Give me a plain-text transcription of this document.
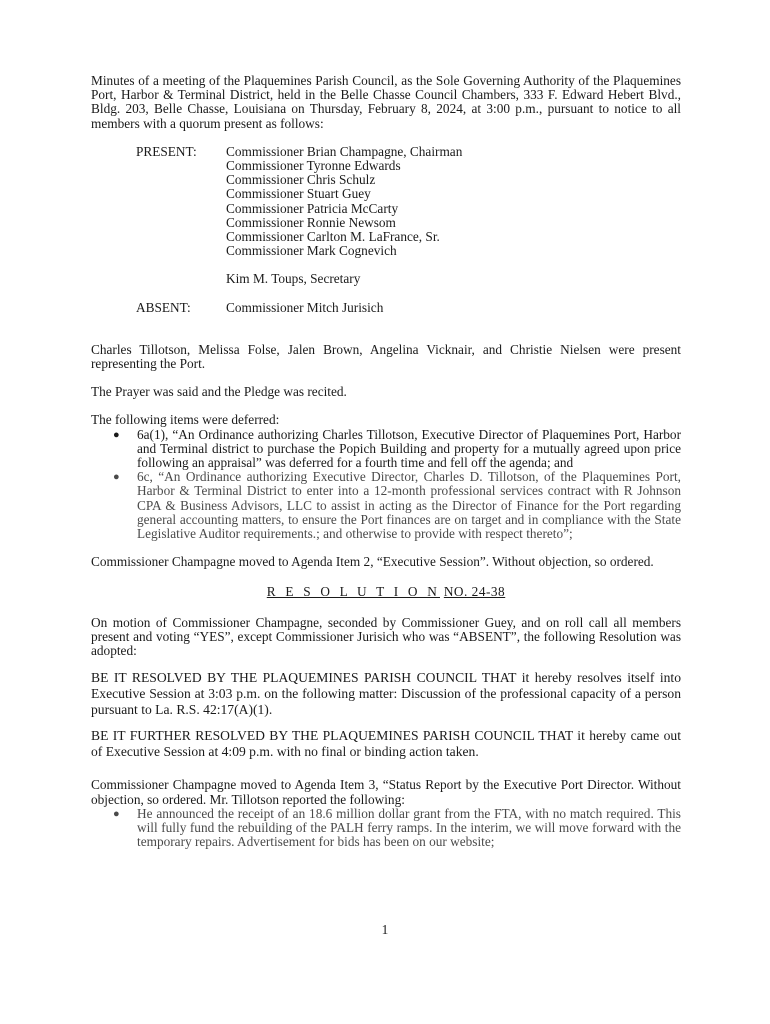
Minutes of a meeting of the Plaquemines Parish Council, as the Sole Governing Authority of the Plaquemines Port, Harbor & Terminal District, held in the Belle Chasse Council Chambers, 333 F. Edward Hebert Blvd., Bldg. 203, Belle Chasse, Louisiana on Thursday, February 8, 2024, at 3:00 p.m., pursuant to notice to all members with a quorum present as follows:

PRESENT:	Commissioner Brian Champagne, Chairman
Commissioner Tyronne Edwards
Commissioner Chris Schulz
Commissioner Stuart Guey
Commissioner Patricia McCarty
Commissioner Ronnie Newsom
Commissioner Carlton M. LaFrance, Sr.
Commissioner Mark Cognevich
Kim M. Toups, Secretary
ABSENT:	Commissioner Mitch Jurisich

Charles Tillotson, Melissa Folse, Jalen Brown, Angelina Vicknair, and Christie Nielsen were present representing the Port.

The Prayer was said and the Pledge was recited.

The following items were deferred:

● 6a(1), “An Ordinance authorizing Charles Tillotson, Executive Director of Plaquemines Port, Harbor and Terminal district to purchase the Popich Building and property for a mutually agreed upon price following an appraisal” was deferred for a fourth time and fell off the agenda; and
● 6c, “An Ordinance authorizing Executive Director, Charles D. Tillotson, of the Plaquemines Port, Harbor & Terminal District to enter into a 12-month professional services contract with R Johnson CPA & Business Advisors, LLC to assist in acting as the Director of Finance for the Port regarding general accounting matters, to ensure the Port finances are on target and in compliance with the State Legislative Auditor requirements.; and otherwise to provide with respect thereto”;

Commissioner Champagne moved to Agenda Item 2, “Executive Session”. Without objection, so ordered.

R E S O L U T I O N NO. 24-38

On motion of Commissioner Champagne, seconded by Commissioner Guey, and on roll call all members present and voting “YES”, except Commissioner Jurisich who was “ABSENT”, the following Resolution was adopted:

BE IT RESOLVED BY THE PLAQUEMINES PARISH COUNCIL THAT it hereby resolves itself into Executive Session at 3:03 p.m. on the following matter: Discussion of the professional capacity of a person pursuant to La. R.S. 42:17(A)(1).

BE IT FURTHER RESOLVED BY THE PLAQUEMINES PARISH COUNCIL THAT it hereby came out of Executive Session at 4:09 p.m. with no final or binding action taken.

Commissioner Champagne moved to Agenda Item 3, “Status Report by the Executive Port Director. Without objection, so ordered. Mr. Tillotson reported the following:

● He announced the receipt of an 18.6 million dollar grant from the FTA, with no match required. This will fully fund the rebuilding of the PALH ferry ramps. In the interim, we will move forward with the temporary repairs. Advertisement for bids has been on our website;
1
